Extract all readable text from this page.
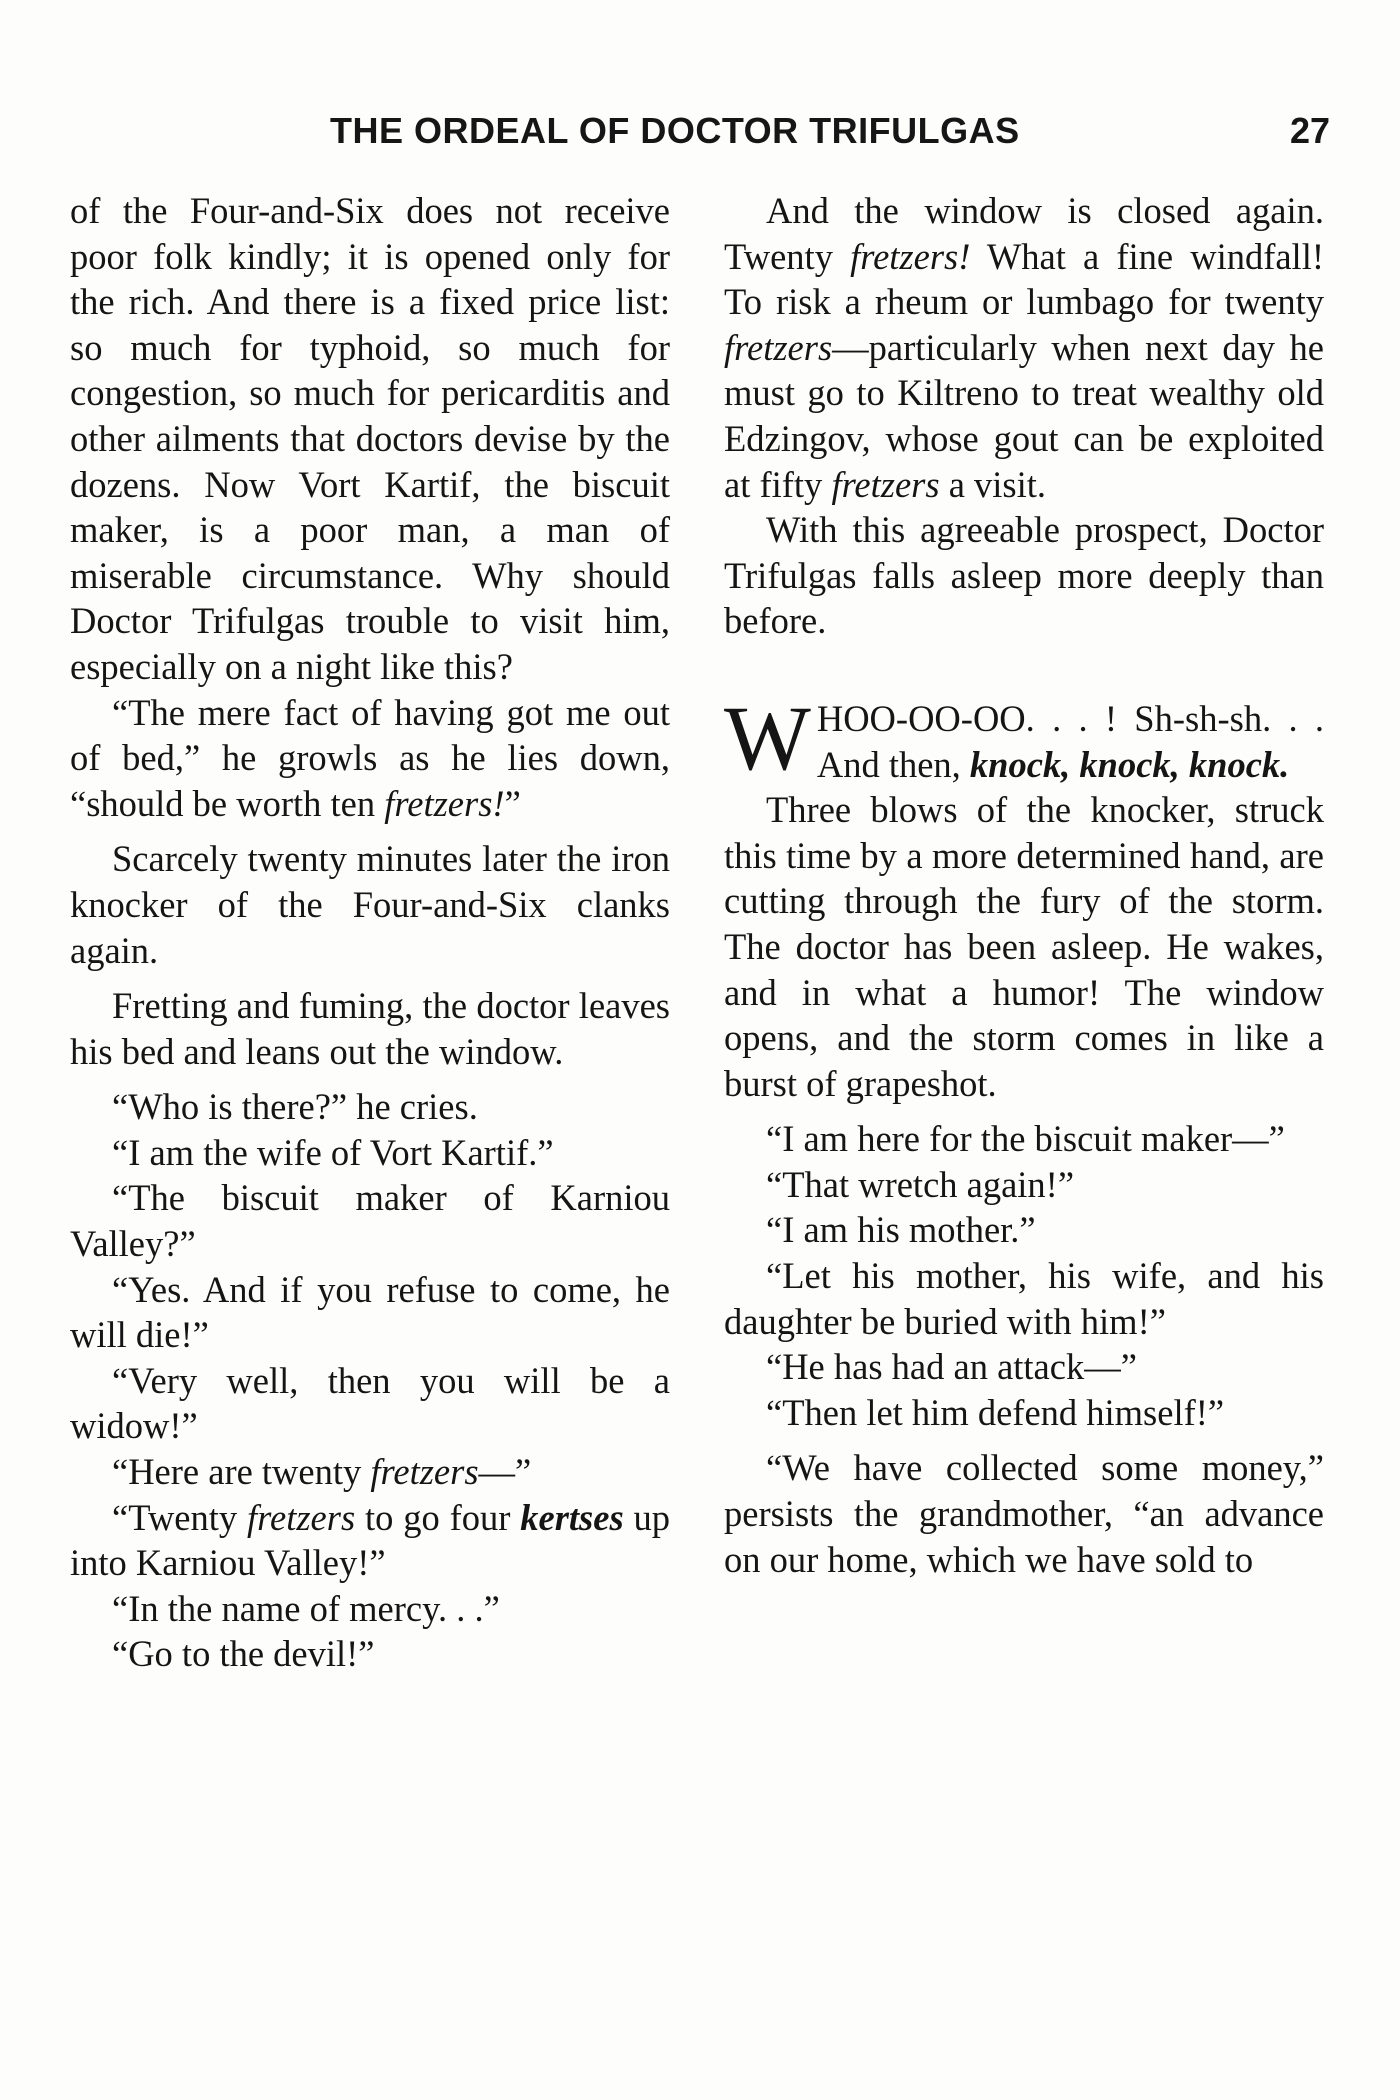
THE ORDEAL OF DOCTOR TRIFULGAS	27

of the Four-and-Six does not receive poor folk kindly; it is opened only for the rich. And there is a fixed price list: so much for typhoid, so much for congestion, so much for pericarditis and other ailments that doctors devise by the dozens. Now Vort Kartif, the biscuit maker, is a poor man, a man of miserable circumstance. Why should Doctor Trifulgas trouble to visit him, especially on a night like this?

“The mere fact of having got me out of bed,” he growls as he lies down, “should be worth ten fretzers!”

Scarcely twenty minutes later the iron knocker of the Four-and-Six clanks again.

Fretting and fuming, the doctor leaves his bed and leans out the window.

“Who is there?” he cries.

“I am the wife of Vort Kartif.”

“The biscuit maker of Karniou Valley?”

“Yes. And if you refuse to come, he will die!”

“Very well, then you will be a widow!”

“Here are twenty fretzers—”

“Twenty fretzers to go four kertses up into Karniou Valley!”

“In the name of mercy. . .”

“Go to the devil!”

And the window is closed again. Twenty fretzers! What a fine windfall! To risk a rheum or lumbago for twenty fretzers—particularly when next day he must go to Kiltreno to treat wealthy old Edzingov, whose gout can be exploited at fifty fretzers a visit.

With this agreeable prospect, Doctor Trifulgas falls asleep more deeply than before.

WHOO-OO-OO. . . ! Sh-sh-sh. . . And then, knock, knock, knock.

Three blows of the knocker, struck this time by a more determined hand, are cutting through the fury of the storm. The doctor has been asleep. He wakes, and in what a humor! The window opens, and the storm comes in like a burst of grapeshot.

“I am here for the biscuit maker—”

“That wretch again!”

“I am his mother.”

“Let his mother, his wife, and his daughter be buried with him!”

“He has had an attack—”

“Then let him defend himself!”

“We have collected some money,” persists the grandmother, “an advance on our home, which we have sold to
